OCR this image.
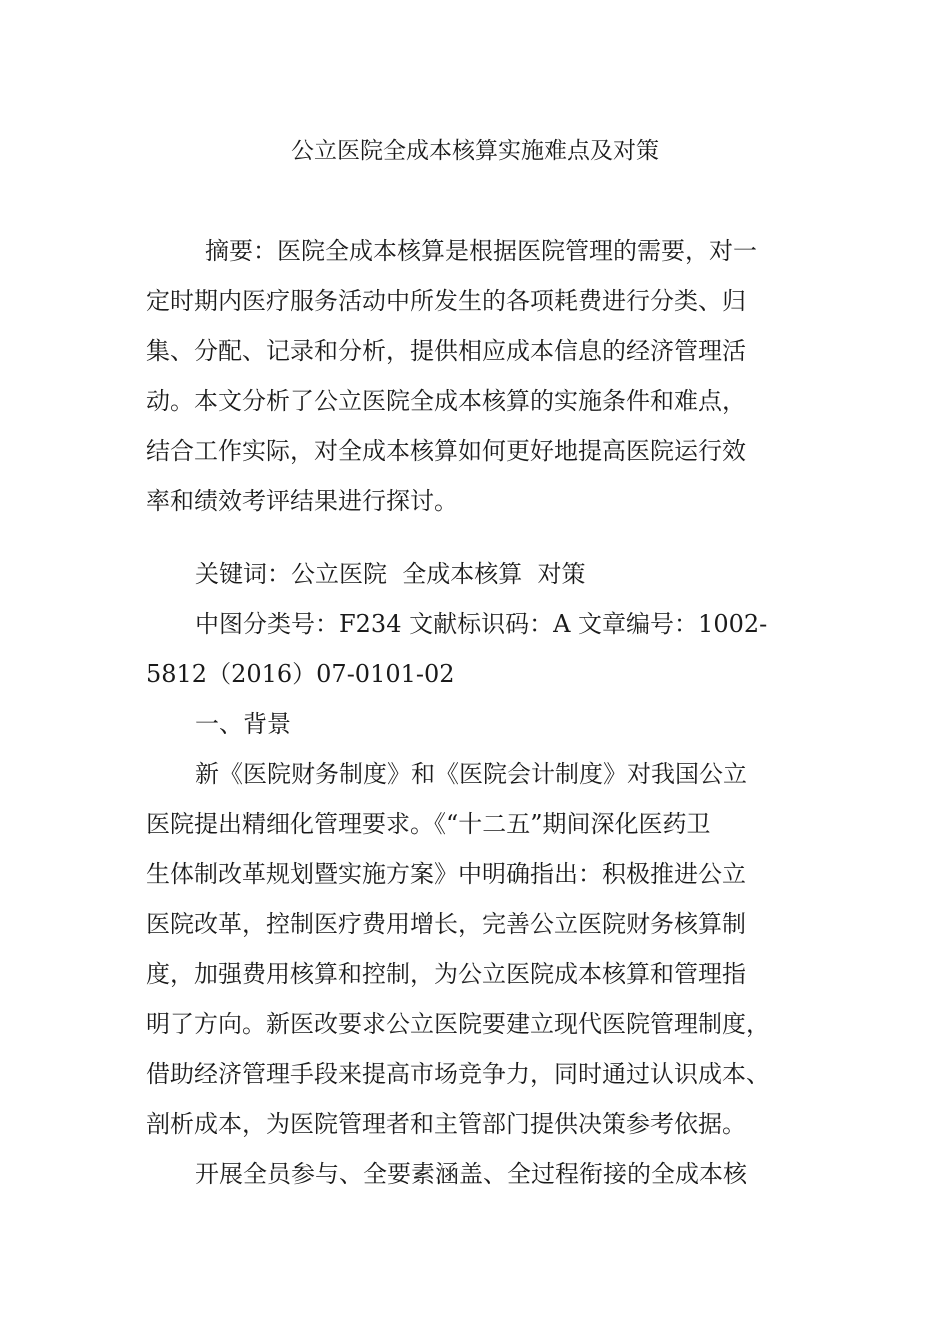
公立医院全成本核算实施难点及对策
摘要：医院全成本核算是根据医院管理的需要，对一
定时期内医疗服务活动中所发生的各项耗费进行分类、归
集、分配、记录和分析，提供相应成本信息的经济管理活
动。本文分析了公立医院全成本核算的实施条件和难点，
结合工作实际，对全成本核算如何更好地提高医院运行效
率和绩效考评结果进行探讨。
关键词：公立医院  全成本核算  对策
中图分类号：F234 文献标识码：A 文章编号：1002-
5812（2016）07-0101-02
一、背景
新《医院财务制度》和《医院会计制度》对我国公立
医院提出精细化管理要求。《“十二五”期间深化医药卫
生体制改革规划暨实施方案》中明确指出：积极推进公立
医院改革，控制医疗费用增长，完善公立医院财务核算制
度，加强费用核算和控制，为公立医院成本核算和管理指
明了方向。新医改要求公立医院要建立现代医院管理制度，
借助经济管理手段来提高市场竞争力，同时通过认识成本、
剖析成本，为医院管理者和主管部门提供决策参考依据。
开展全员参与、全要素涵盖、全过程衔接的全成本核
